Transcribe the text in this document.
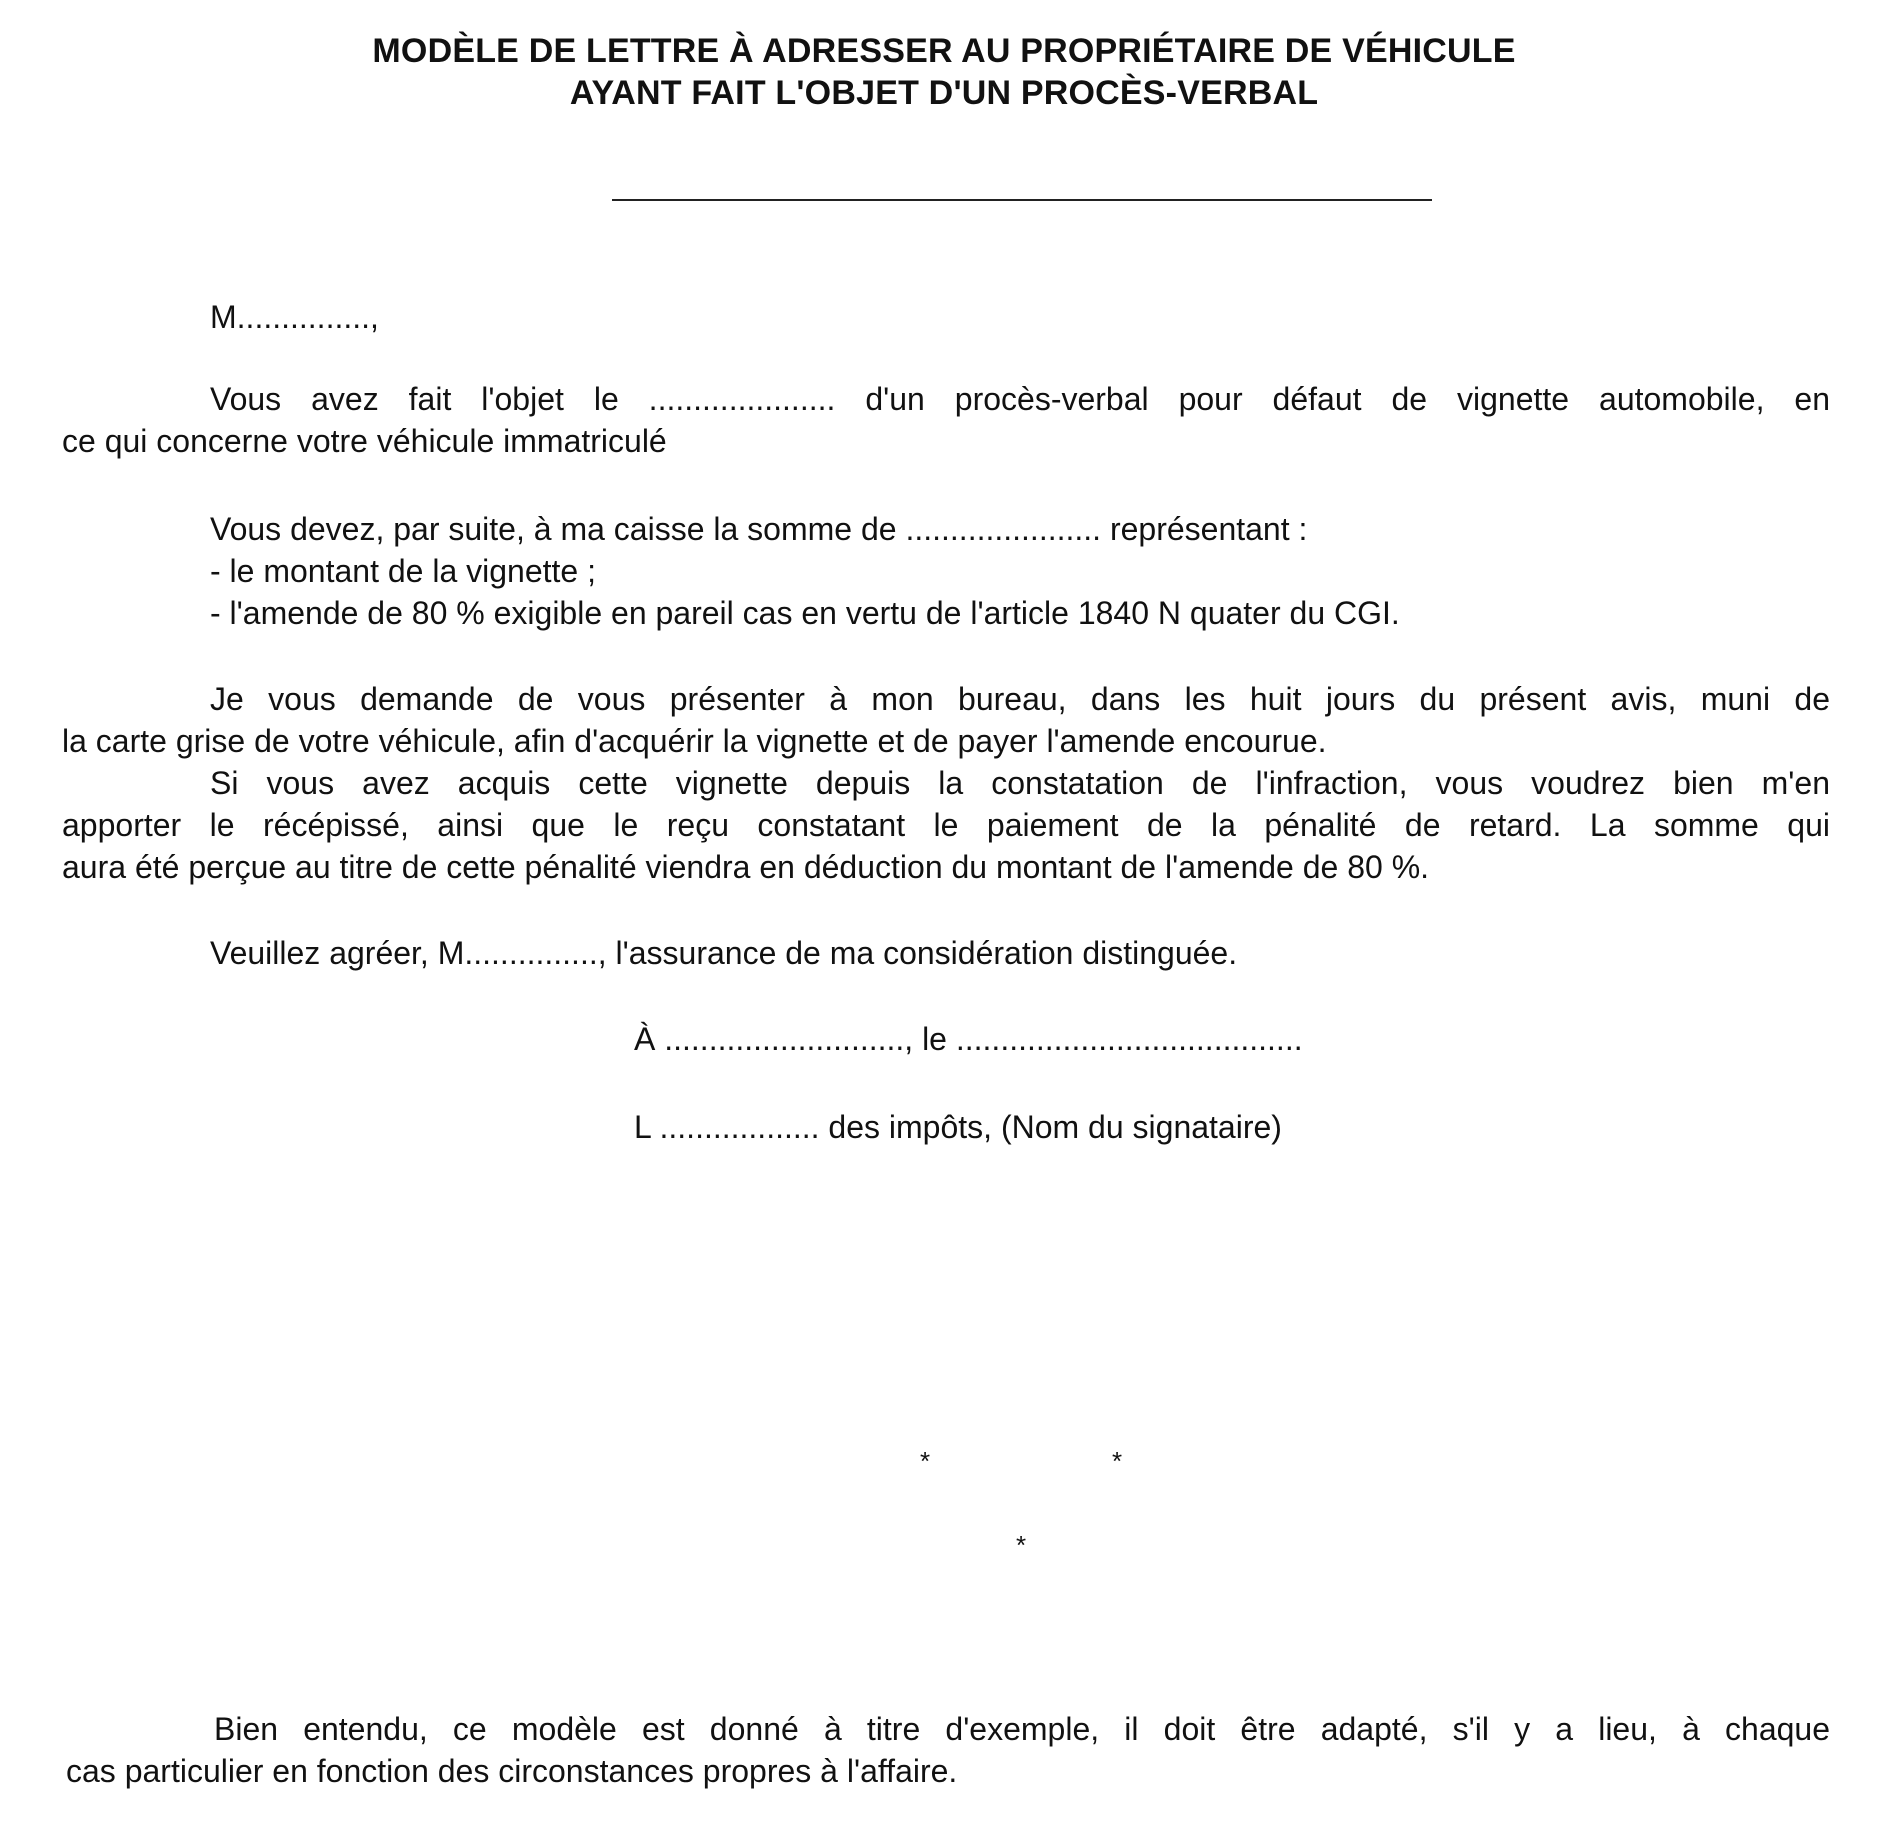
MODÈLE DE LETTRE À ADRESSER AU PROPRIÉTAIRE DE VÉHICULE
AYANT FAIT L'OBJET D'UN PROCÈS-VERBAL
M...............,
Vous avez fait l'objet le ..................... d'un procès-verbal pour défaut de vignette automobile, en
ce qui concerne votre véhicule immatriculé
Vous devez, par suite, à ma caisse la somme de ...................... représentant :
- le montant de la vignette ;
- l'amende de 80 % exigible en pareil cas en vertu de l'article 1840 N quater du CGI.
Je vous demande de vous présenter à mon bureau, dans les huit jours du présent avis, muni de
la carte grise de votre véhicule, afin d'acquérir la vignette et de payer l'amende encourue.
Si vous avez acquis cette vignette depuis la constatation de l'infraction, vous voudrez bien m'en
apporter le récépissé, ainsi que le reçu constatant le paiement de la pénalité de retard. La somme qui
aura été perçue au titre de cette pénalité viendra en déduction du montant de l'amende de 80 %.
Veuillez agréer, M..............., l'assurance de ma considération distinguée.
À ..........................., le .......................................
L .................. des impôts, (Nom du signataire)
*	*
*
Bien entendu, ce modèle est donné à titre d'exemple, il doit être adapté, s'il y a lieu, à chaque
cas particulier en fonction des circonstances propres à l'affaire.
